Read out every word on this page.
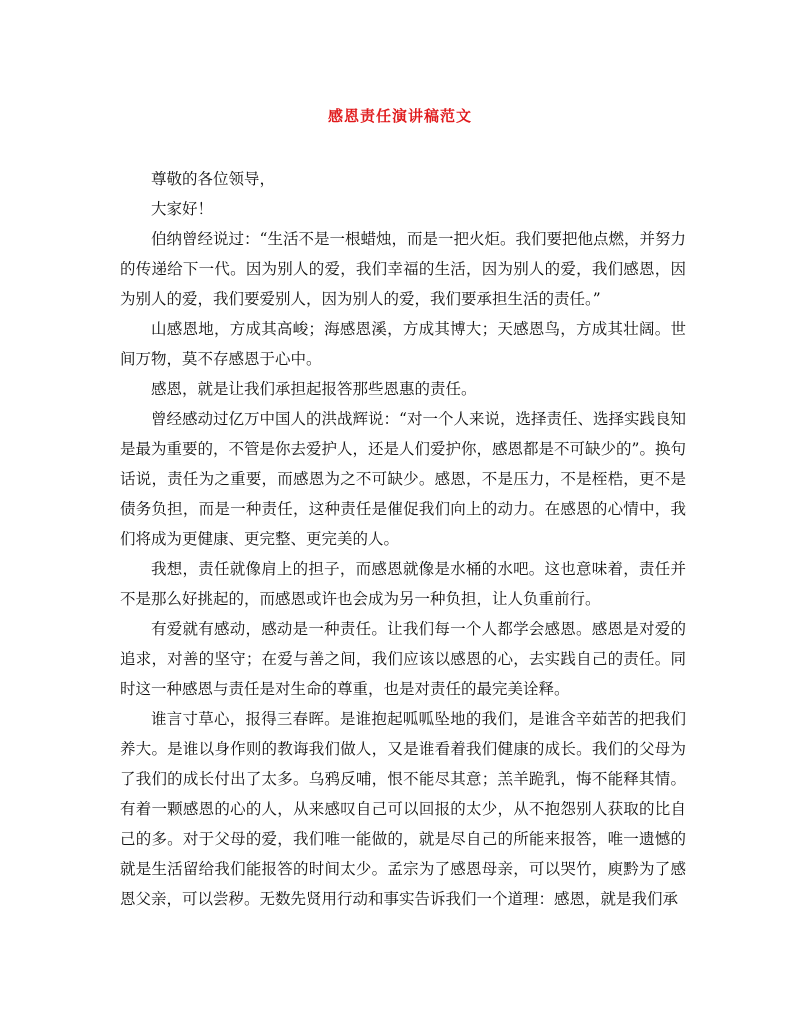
感恩责任演讲稿范文

尊敬的各位领导，

大家好！

伯纳曾经说过：“生活不是一根蜡烛，而是一把火炬。我们要把他点燃，并努力的传递给下一代。因为别人的爱，我们幸福的生活，因为别人的爱，我们感恩，因为别人的爱，我们要爱别人，因为别人的爱，我们要承担生活的责任。”

山感恩地，方成其高峻；海感恩溪，方成其博大；天感恩鸟，方成其壮阔。世间万物，莫不存感恩于心中。

感恩，就是让我们承担起报答那些恩惠的责任。

曾经感动过亿万中国人的洪战辉说：“对一个人来说，选择责任、选择实践良知是最为重要的，不管是你去爱护人，还是人们爱护你，感恩都是不可缺少的”。换句话说，责任为之重要，而感恩为之不可缺少。感恩，不是压力，不是桎梏，更不是债务负担，而是一种责任，这种责任是催促我们向上的动力。在感恩的心情中，我们将成为更健康、更完整、更完美的人。

我想，责任就像肩上的担子，而感恩就像是水桶的水吧。这也意味着，责任并不是那么好挑起的，而感恩或许也会成为另一种负担，让人负重前行。

有爱就有感动，感动是一种责任。让我们每一个人都学会感恩。感恩是对爱的追求，对善的坚守；在爱与善之间，我们应该以感恩的心，去实践自己的责任。同时这一种感恩与责任是对生命的尊重，也是对责任的最完美诠释。

谁言寸草心，报得三春晖。是谁抱起呱呱坠地的我们，是谁含辛茹苦的把我们养大。是谁以身作则的教诲我们做人，又是谁看着我们健康的成长。我们的父母为了我们的成长付出了太多。乌鸦反哺，恨不能尽其意；羔羊跪乳，悔不能释其情。有着一颗感恩的心的人，从来感叹自己可以回报的太少，从不抱怨别人获取的比自己的多。对于父母的爱，我们唯一能做的，就是尽自己的所能来报答，唯一遗憾的就是生活留给我们能报答的时间太少。孟宗为了感恩母亲，可以哭竹，庾黔为了感恩父亲，可以尝秽。无数先贤用行动和事实告诉我们一个道理：感恩，就是我们承
